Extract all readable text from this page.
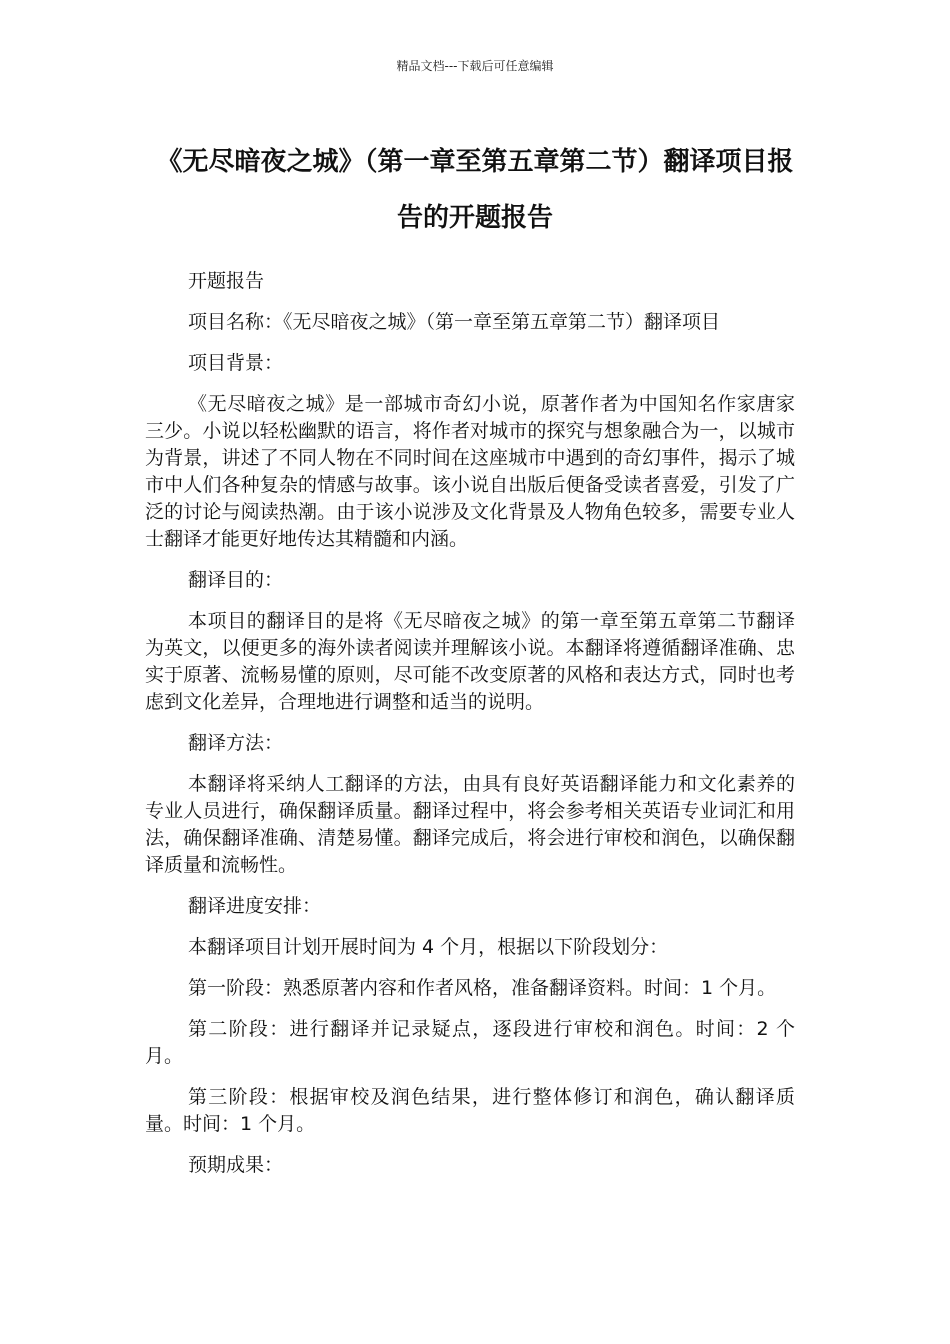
精品文档---下载后可任意编辑
《无尽暗夜之城》（第一章至第五章第二节）翻译项目报告的开题报告

开题报告

项目名称：《无尽暗夜之城》（第一章至第五章第二节）翻译项目

项目背景：

《无尽暗夜之城》是一部城市奇幻小说，原著作者为中国知名作家唐家三少。小说以轻松幽默的语言，将作者对城市的探究与想象融合为一，以城市为背景，讲述了不同人物在不同时间在这座城市中遇到的奇幻事件，揭示了城市中人们各种复杂的情感与故事。该小说自出版后便备受读者喜爱，引发了广泛的讨论与阅读热潮。由于该小说涉及文化背景及人物角色较多，需要专业人士翻译才能更好地传达其精髓和内涵。

翻译目的：

本项目的翻译目的是将《无尽暗夜之城》的第一章至第五章第二节翻译为英文，以便更多的海外读者阅读并理解该小说。本翻译将遵循翻译准确、忠实于原著、流畅易懂的原则，尽可能不改变原著的风格和表达方式，同时也考虑到文化差异，合理地进行调整和适当的说明。

翻译方法：

本翻译将采纳人工翻译的方法，由具有良好英语翻译能力和文化素养的专业人员进行，确保翻译质量。翻译过程中，将会参考相关英语专业词汇和用法，确保翻译准确、清楚易懂。翻译完成后，将会进行审校和润色，以确保翻译质量和流畅性。

翻译进度安排：

本翻译项目计划开展时间为 4 个月，根据以下阶段划分：

第一阶段：熟悉原著内容和作者风格，准备翻译资料。时间：1 个月。

第二阶段：进行翻译并记录疑点，逐段进行审校和润色。时间：2 个月。

第三阶段：根据审校及润色结果，进行整体修订和润色，确认翻译质量。时间：1 个月。

预期成果：
